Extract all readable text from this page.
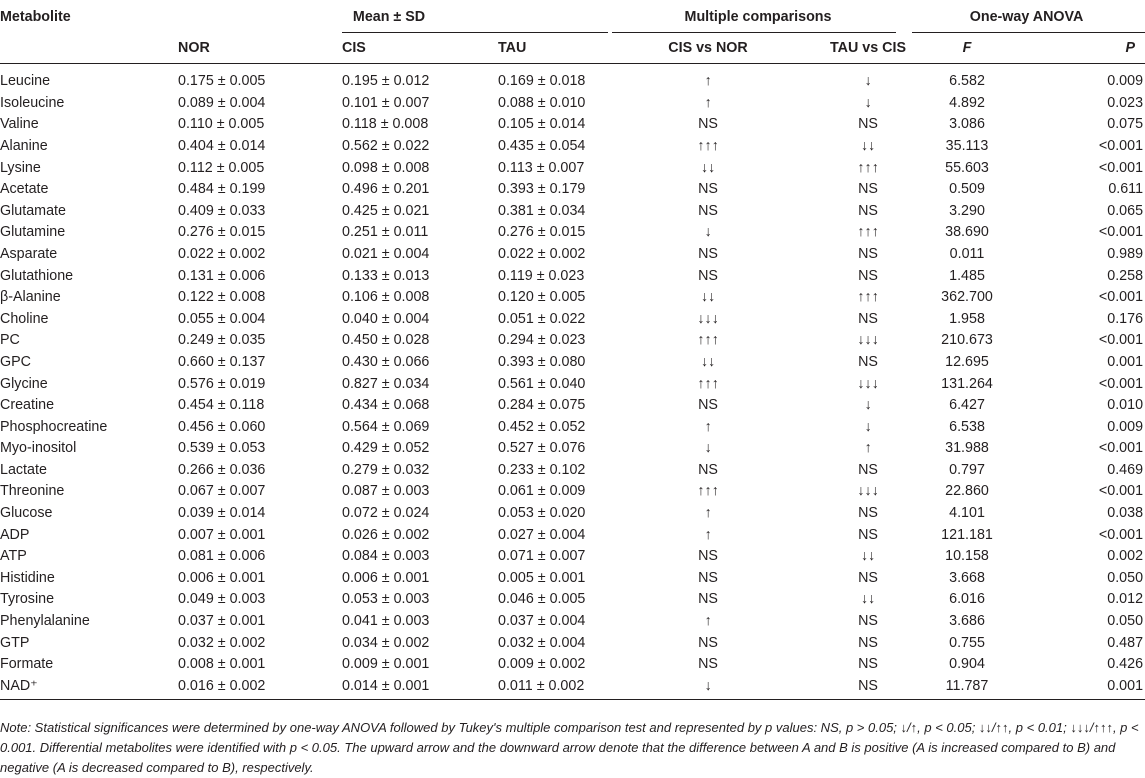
Metabolite	Mean ± SD			Multiple comparisons		One-way ANOVA	
	NOR	CIS	TAU	CIS vs NOR	TAU vs CIS	F	P
Leucine	0.175 ± 0.005	0.195 ± 0.012	0.169 ± 0.018	↑	↓	6.582	0.009
Isoleucine	0.089 ± 0.004	0.101 ± 0.007	0.088 ± 0.010	↑	↓	4.892	0.023
Valine	0.110 ± 0.005	0.118 ± 0.008	0.105 ± 0.014	NS	NS	3.086	0.075
Alanine	0.404 ± 0.014	0.562 ± 0.022	0.435 ± 0.054	↑↑↑	↓↓	35.113	<0.001
Lysine	0.112 ± 0.005	0.098 ± 0.008	0.113 ± 0.007	↓↓	↑↑↑	55.603	<0.001
Acetate	0.484 ± 0.199	0.496 ± 0.201	0.393 ± 0.179	NS	NS	0.509	0.611
Glutamate	0.409 ± 0.033	0.425 ± 0.021	0.381 ± 0.034	NS	NS	3.290	0.065
Glutamine	0.276 ± 0.015	0.251 ± 0.011	0.276 ± 0.015	↓	↑↑↑	38.690	<0.001
Asparate	0.022 ± 0.002	0.021 ± 0.004	0.022 ± 0.002	NS	NS	0.011	0.989
Glutathione	0.131 ± 0.006	0.133 ± 0.013	0.119 ± 0.023	NS	NS	1.485	0.258
β-Alanine	0.122 ± 0.008	0.106 ± 0.008	0.120 ± 0.005	↓↓	↑↑↑	362.700	<0.001
Choline	0.055 ± 0.004	0.040 ± 0.004	0.051 ± 0.022	↓↓↓	NS	1.958	0.176
PC	0.249 ± 0.035	0.450 ± 0.028	0.294 ± 0.023	↑↑↑	↓↓↓	210.673	<0.001
GPC	0.660 ± 0.137	0.430 ± 0.066	0.393 ± 0.080	↓↓	NS	12.695	0.001
Glycine	0.576 ± 0.019	0.827 ± 0.034	0.561 ± 0.040	↑↑↑	↓↓↓	131.264	<0.001
Creatine	0.454 ± 0.118	0.434 ± 0.068	0.284 ± 0.075	NS	↓	6.427	0.010
Phosphocreatine	0.456 ± 0.060	0.564 ± 0.069	0.452 ± 0.052	↑	↓	6.538	0.009
Myo-inositol	0.539 ± 0.053	0.429 ± 0.052	0.527 ± 0.076	↓	↑	31.988	<0.001
Lactate	0.266 ± 0.036	0.279 ± 0.032	0.233 ± 0.102	NS	NS	0.797	0.469
Threonine	0.067 ± 0.007	0.087 ± 0.003	0.061 ± 0.009	↑↑↑	↓↓↓	22.860	<0.001
Glucose	0.039 ± 0.014	0.072 ± 0.024	0.053 ± 0.020	↑	NS	4.101	0.038
ADP	0.007 ± 0.001	0.026 ± 0.002	0.027 ± 0.004	↑	NS	121.181	<0.001
ATP	0.081 ± 0.006	0.084 ± 0.003	0.071 ± 0.007	NS	↓↓	10.158	0.002
Histidine	0.006 ± 0.001	0.006 ± 0.001	0.005 ± 0.001	NS	NS	3.668	0.050
Tyrosine	0.049 ± 0.003	0.053 ± 0.003	0.046 ± 0.005	NS	↓↓	6.016	0.012
Phenylalanine	0.037 ± 0.001	0.041 ± 0.003	0.037 ± 0.004	↑	NS	3.686	0.050
GTP	0.032 ± 0.002	0.034 ± 0.002	0.032 ± 0.004	NS	NS	0.755	0.487
Formate	0.008 ± 0.001	0.009 ± 0.001	0.009 ± 0.002	NS	NS	0.904	0.426
NAD⁺	0.016 ± 0.002	0.014 ± 0.001	0.011 ± 0.002	↓	NS	11.787	0.001
Note: Statistical significances were determined by one-way ANOVA followed by Tukey's multiple comparison test and represented by p values: NS, p > 0.05; ↓/↑, p < 0.05; ↓↓/↑↑, p < 0.01; ↓↓↓/↑↑↑, p < 0.001. Differential metabolites were identified with p < 0.05. The upward arrow and the downward arrow denote that the difference between A and B is positive (A is increased compared to B) and negative (A is decreased compared to B), respectively.
